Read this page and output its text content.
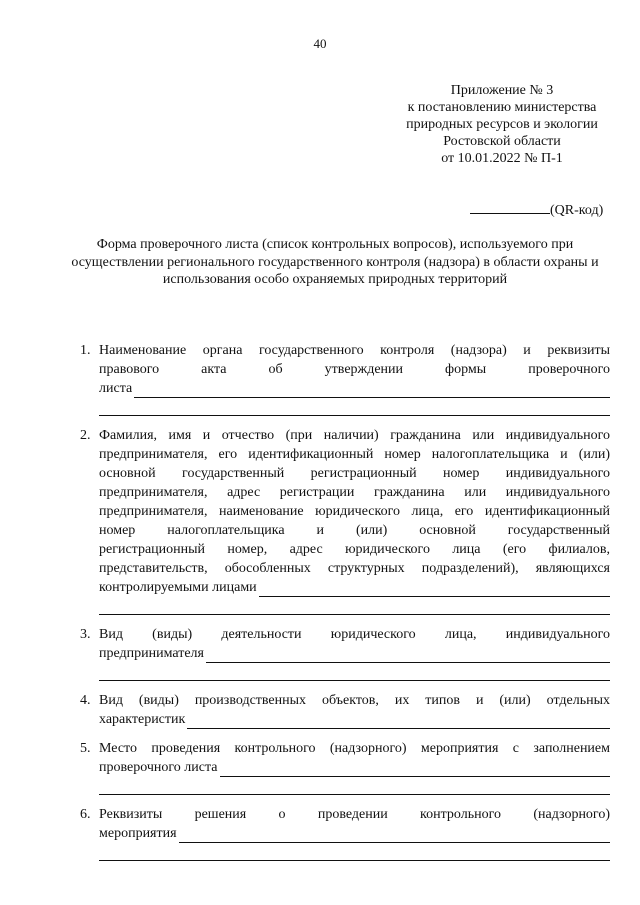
40
Приложение № 3
к постановлению министерства
природных ресурсов и экологии
Ростовской области
от 10.01.2022 № П-1
(QR-код)
Форма проверочного листа (список контрольных вопросов), используемого при осуществлении регионального государственного контроля (надзора) в области охраны и использования особо охраняемых природных территорий
1. Наименование органа государственного контроля (надзора) и реквизиты
правового акта об утверждении формы проверочного
листа
2. Фамилия, имя и отчество (при наличии) гражданина или индивидуального
предпринимателя, его идентификационный номер налогоплательщика и (или)
основной государственный регистрационный номер индивидуального
предпринимателя, адрес регистрации гражданина или индивидуального
предпринимателя, наименование юридического лица, его идентификационный
номер налогоплательщика и (или) основной государственный
регистрационный номер, адрес юридического лица (его филиалов,
представительств, обособленных структурных подразделений), являющихся
контролируемыми лицами
3. Вид (виды) деятельности юридического лица, индивидуального
предпринимателя
4. Вид (виды) производственных объектов, их типов и (или) отдельных
характеристик
5. Место проведения контрольного (надзорного) мероприятия с заполнением
проверочного листа
6. Реквизиты решения о проведении контрольного (надзорного)
мероприятия
